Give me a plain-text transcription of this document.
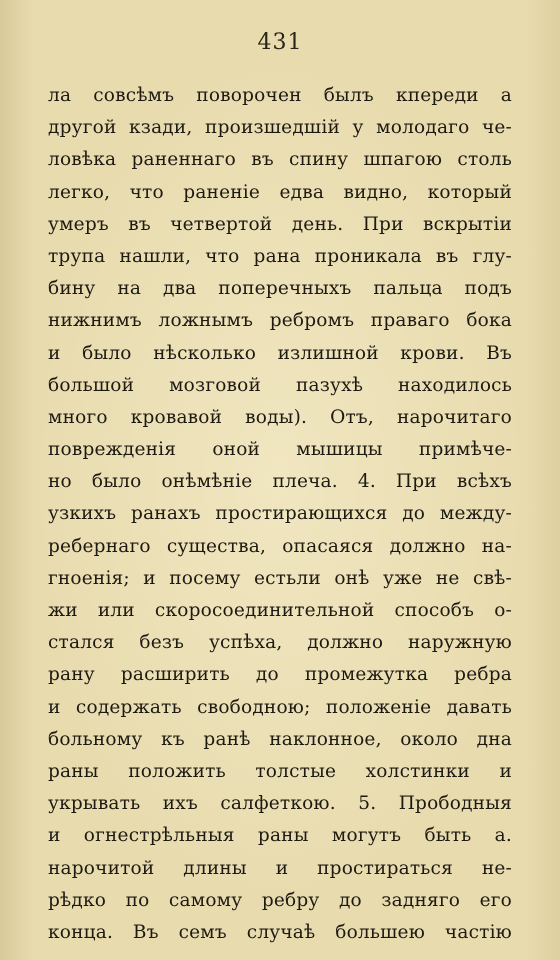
431
ла совсѣмъ поворочен былъ кпереди а
другой кзади, произшедшій у молодаго че-
ловѣка раненнаго въ спину шпагою столь
легко, что раненіе едва видно, который
умеръ въ четвертой день. При вскрытіи
трупа нашли, что рана проникала въ глу-
бину на два поперечныхъ пальца подъ
нижнимъ ложнымъ ребромъ праваго бока
и было нѣсколько излишной крови. Въ
большой мозговой пазухѣ находилось
много кровавой воды). Отъ, нарочитаго
поврежденія оной мышицы примѣче-
но было онѣмѣніе плеча. 4. При всѣхъ
узкихъ ранахъ простирающихся до между-
ребернаго существа, опасаяся должно на-
гноенія; и посему естьли онѣ уже не свѣ-
жи или скоросоединительной способъ о-
стался безъ успѣха, должно наружную
рану расширить до промежутка ребра
и содержать свободною; положеніе давать
больному къ ранѣ наклонное, около дна
раны положить толстые холстинки и
укрывать ихъ салфеткою. 5. Прободныя
и огнестрѣльныя раны могутъ быть а.
нарочитой длины и простираться не-
рѣдко по самому ребру до задняго его
конца. Въ семъ случаѣ большею частію
